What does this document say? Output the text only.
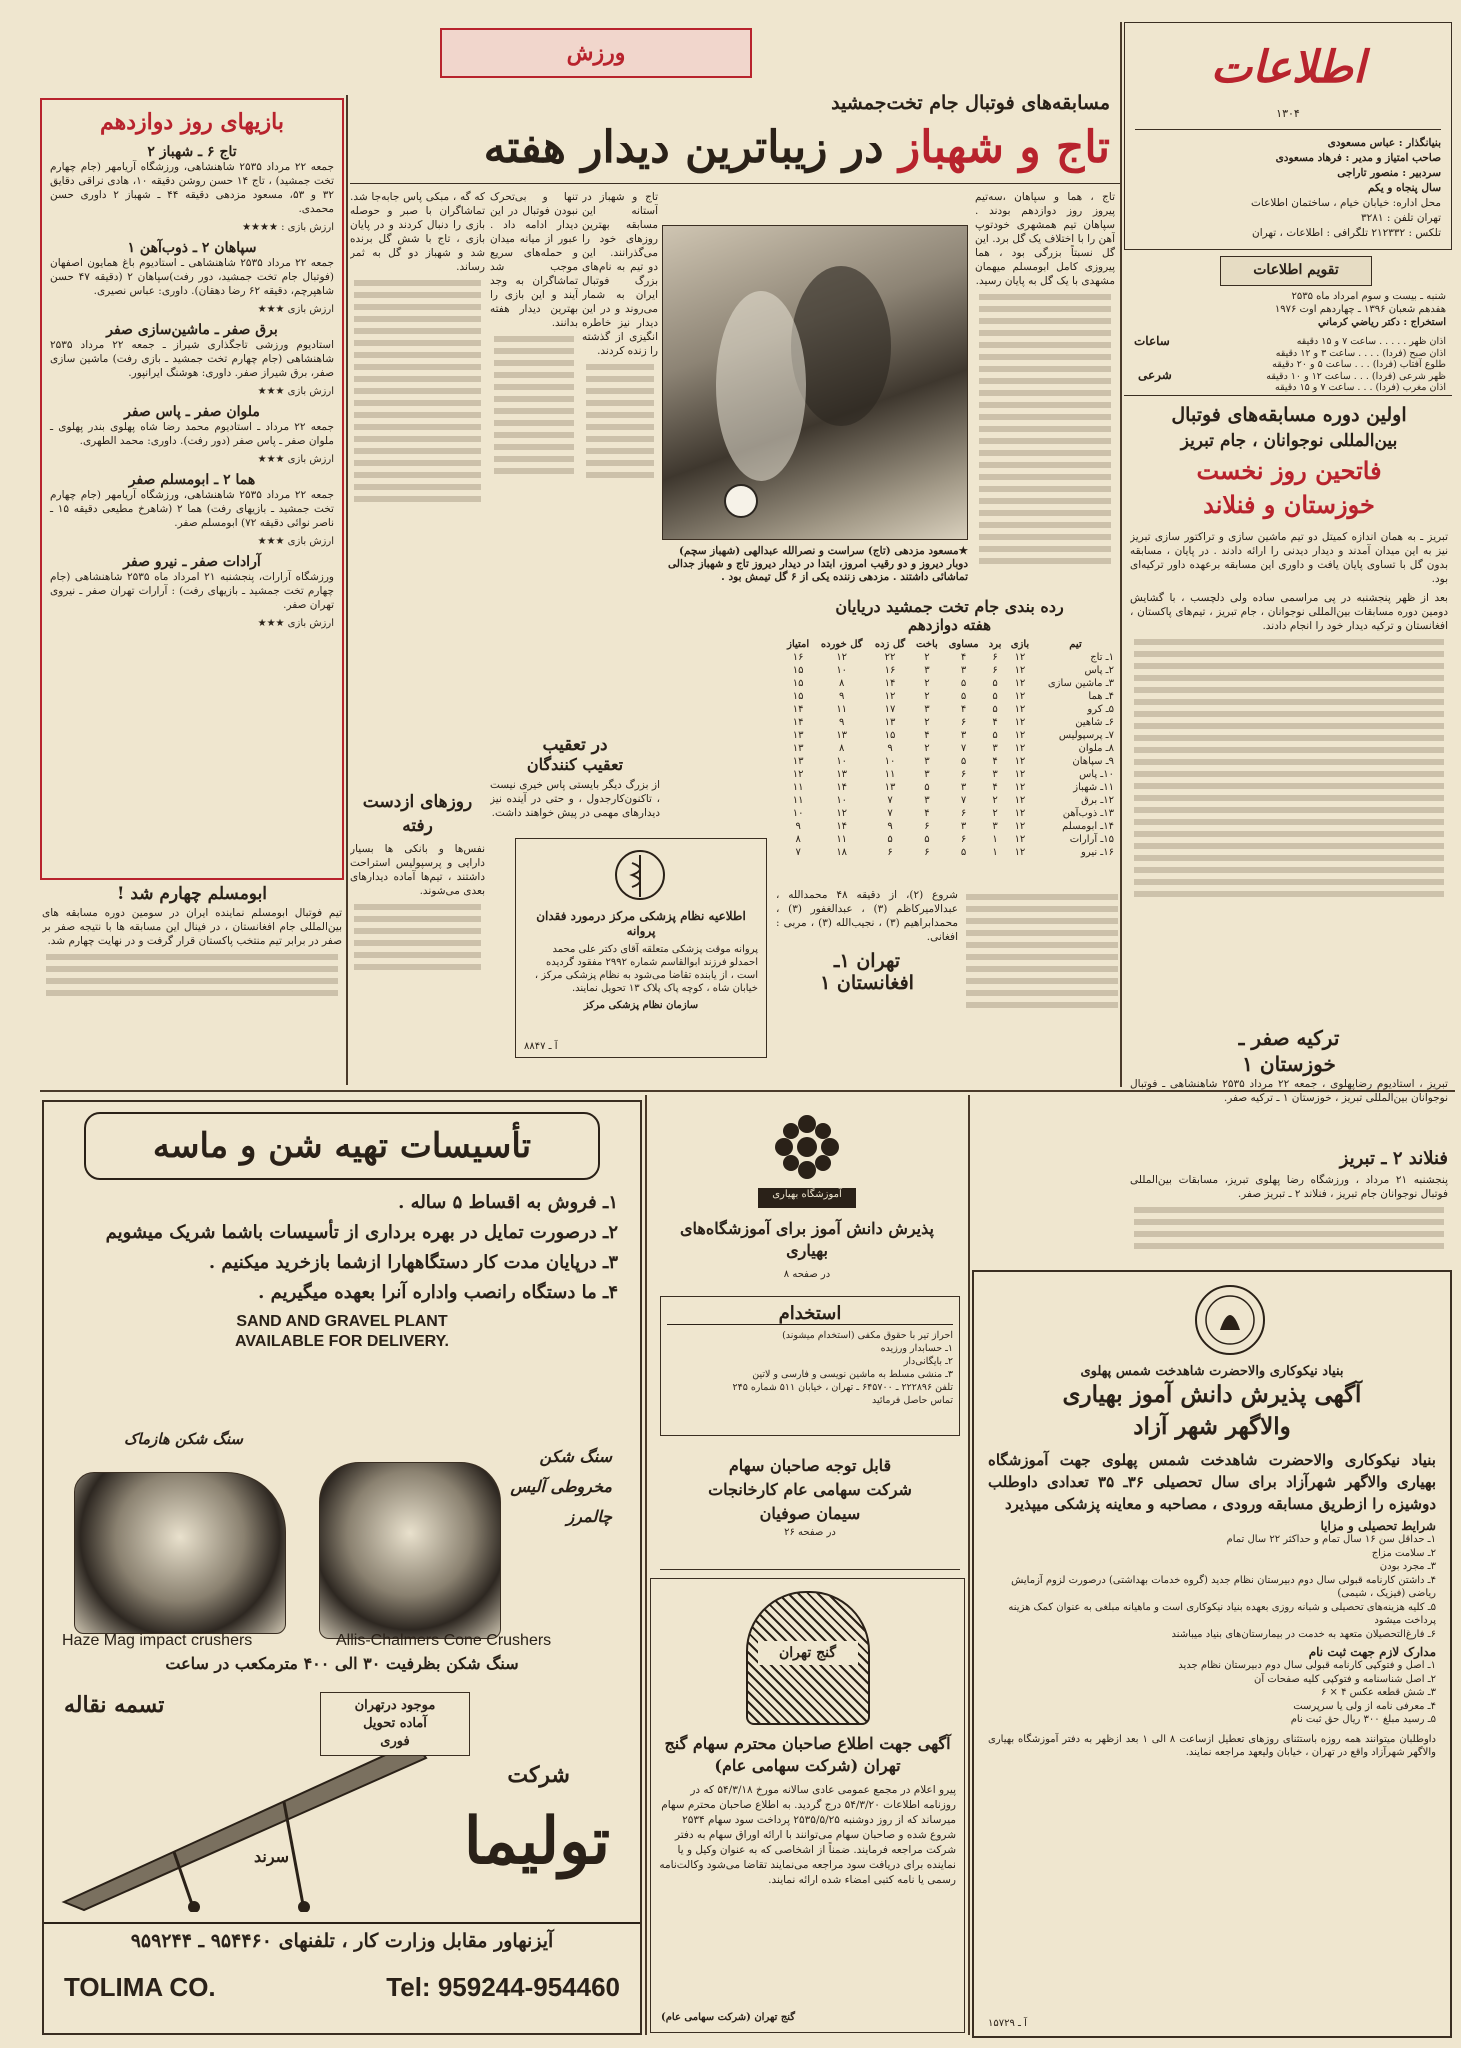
ورزش	اطلاعات
۱۳۰۴
بنیانگذار : عباس مسعودی
صاحب امتیاز و مدیر : فرهاد مسعودی
سردبیر : منصور تاراجی
سال پنجاه و یکم
محل اداره: خیابان خیام ، ساختمان اطلاعات
تهران تلفن : ۳۲۸۱
تلکس : ۲۱۲۳۳۲ تلگرافی : اطلاعات ، تهران
تقویم اطلاعات
شنبه ـ بیست و سوم امرداد ماه ۲۵۳۵
هفدهم شعبان ۱۳۹۶ ـ چهاردهم اوت ۱۹۷۶
استخراج : دکتر رياضي كرماني
ساعات
شرعی
اذان ظهر . . . . . ساعت ۷ و ۱۵ دقیقه
اذان صبح (فردا) . . . . ساعت ۳ و ۱۲ دقیقه
طلوع آفتاب (فردا) . . . ساعت ۵ و ۲۰ دقیقه
ظهر شرعی (فردا) . . . ساعت ۱۲ و ۱۰ دقیقه
اذان مغرب (فردا) . . . ساعت ۷ و ۱۵ دقیقه
اولین دوره مسابقه‌های فوتبال
بین‌المللی نوجوانان ، جام تبریز
فاتحین روز نخست
خوزستان و فنلاند

تبریز ـ به همان اندازه کمیتل دو تیم ماشین سازی و تراکتور سازی تبریز نیز به این میدان آمدند و دیدار دیدنی را ارائه دادند . در پایان ، مسابقه بدون گل با تساوی پایان یافت و داوری این مسابقه برعهده داور ترکیه‌ای بود.

بعد از ظهر پنجشنبه در پی مراسمی ساده ولی دلچسب ، با گشایش دومین دوره مسابقات بین‌المللی نوجوانان ، جام تبریز ، تیم‌های پاکستان ، افغانستان و ترکیه دیدار خود را انجام دادند.

ترکیه صفر ـ
خوزستان ۱

تبریز ، استادیوم رضاپهلوی ، جمعه ۲۲ مرداد ۲۵۳۵ شاهنشاهی ـ فوتبال نوجوانان بین‌المللی تبریز ، خوزستان ۱ ـ ترکیه صفر.

فنلاند ۲ ـ تبریز

پنجشنبه ۲۱ مرداد ، ورزشگاه رضا پهلوی تبریز، مسابقات بین‌المللی فوتبال نوجوانان جام تبریز ، فنلاند ۲ ـ تبریز صفر.

مسابقه‌های فوتبال جام تخت‌جمشید
تاج و شهباز در زیباترین دیدار هفته

تاج ، هما و سپاهان ،سه‌تیم پیروز روز دوازدهم بودند . سپاهان تیم همشهری خودتوپ آهن را با اختلاف یک گل برد. این گل نسبتاً بزرگی بود ، هما پیروزی کامل ابومسلم میهمان مشهدی با یک گل به پایان رسید.

★مسعود مزدهی (تاج) سراست و نصرالله عبدالهی (شهباز سچم) دوبار دیروز و دو رقیب امروز، ابتدا در دیدار دیروز تاج و شهباز جدالی تماشائی داشتند . مزدهی زننده یکی از ۶ گل تیمش بود .

تاج و شهباز در آستانه این مسابقه بهترین روزهای خود را می‌گذرانند. این دو تیم به نام‌های بزرگ فوتبال ایران به شمار می‌روند و در این دیدار نیز خاطره انگیزی از گذشته را زنده کردند.

تنها و بی‌تحرک نبودن فوتبال در این دیدار ادامه داد . عبور از میانه میدان و حمله‌های سریع موجب شد تماشاگران به وجد آیند و این بازی را بهترین دیدار هفته بدانند.

که گه ، مبکی پاس جابه‌جا شد. تماشاگران با صبر و حوصله بازی را دنبال کردند و در پایان بازی ، تاج با شش گل برنده شد و شهباز دو گل به ثمر رساند.

در تعقیب
تعقیب کنندگان

از بزرگ دیگر بایستی پاس خیری نیست ، تاکنون‌کارجدول ، و حتی در آینده نیز دیدارهای مهمی در پیش خواهند داشت.

روزهای ازدست رفته

نفس‌ها و بانکی ها بسیار دارایی و پرسپولیس استراحت داشتند ، تیم‌ها آماده دیدارهای بعدی می‌شوند.

رده بندی جام تخت جمشید دریایان
هفته دوازدهم
تیم	بازی	برد	مساوی	باخت	گل زده	گل خورده	امتیاز
۱ـ تاج	۱۲	۶	۴	۲	۲۲	۱۲	۱۶
۲ـ پاس	۱۲	۶	۳	۳	۱۶	۱۰	۱۵
۳ـ ماشین سازی	۱۲	۵	۵	۲	۱۴	۸	۱۵
۴ـ هما	۱۲	۵	۵	۲	۱۲	۹	۱۵
۵ـ کرو	۱۲	۵	۴	۳	۱۷	۱۱	۱۴
۶ـ شاهین	۱۲	۴	۶	۲	۱۳	۹	۱۴
۷ـ پرسپولیس	۱۲	۵	۳	۴	۱۵	۱۳	۱۳
۸ـ ملوان	۱۲	۳	۷	۲	۹	۸	۱۳
۹ـ سپاهان	۱۲	۴	۵	۳	۱۰	۱۰	۱۳
۱۰ـ پاس	۱۲	۳	۶	۳	۱۱	۱۳	۱۲
۱۱ـ شهباز	۱۲	۴	۳	۵	۱۳	۱۴	۱۱
۱۲ـ برق	۱۲	۲	۷	۳	۷	۱۰	۱۱
۱۳ـ ذوب‌آهن	۱۲	۲	۶	۴	۷	۱۲	۱۰
۱۴ـ ابومسلم	۱۲	۳	۳	۶	۹	۱۴	۹
۱۵ـ آرارات	۱۲	۱	۶	۵	۵	۱۱	۸
۱۶ـ نیرو	۱۲	۱	۵	۶	۶	۱۸	۷
اطلاعیه نظام پزشکی مرکز درمورد فقدان پروانه
پروانه موقت پزشکی متعلقه آقای دکتر علی محمد احمدلو فرزند ابوالقاسم شماره ۲۹۹۲ مفقود گردیده است ، از یابنده تقاضا می‌شود به نظام پزشکی مرکز ، خیابان شاه ، کوچه پاک پلاک ۱۳ تحویل نمایند.
سازمان نظام پزشکی مرکز
آ ـ ۸۸۴۷

شروع (۲)، از دقیقه ۴۸ محمدالله ، عبدالامیرکاظم (۳) ، عبدالغفور (۳) ، محمدابراهیم (۳) ، نجیب‌الله (۳) ، مربی : افغانی.

تهران ۱ـ
افغانستان ۱
بازیهای روز دوازدهم
تاج ۶ ـ شهباز ۲
جمعه ۲۲ مرداد ۲۵۳۵ شاهنشاهی، ورزشگاه آریامهر (جام چهارم تخت جمشید) ، تاج ۱۴ حسن روشن دقیقه ۱۰، هادی نراقی دقایق ۳۲ و ۵۳، مسعود مزدهی دقیقه ۴۴ ـ شهباز ۲ داوری حسن محمدی.
ارزش بازی : ★★★★
سپاهان ۲ ـ ذوب‌آهن ۱
جمعه ۲۲ مرداد ۲۵۳۵ شاهنشاهی ـ استادیوم باغ همایون اصفهان (فوتبال جام تخت جمشید، دور رفت)سپاهان ۲ (دقیقه ۴۷ حسن شاهپرچم، دقیقه ۶۲ رضا دهقان). داوری: عباس نصیری.
ارزش بازی ★★★
برق صفر ـ ماشین‌سازی صفر
استادیوم ورزشی تاجگذاری شیراز ـ جمعه ۲۲ مرداد ۲۵۳۵ شاهنشاهی (جام چهارم تخت جمشید ـ بازی رفت) ماشین سازی صفر، برق شیراز صفر. داوری: هوشنگ ایرانپور.
ارزش بازی ★★★
ملوان صفر ـ پاس صفر
جمعه ۲۲ مرداد ـ استادیوم محمد رضا شاه پهلوی بندر پهلوی ـ ملوان صفر ـ پاس صفر (دور رفت). داوری: محمد الطهری.
ارزش بازی ★★★
هما ۲ ـ ابومسلم صفر
جمعه ۲۲ مرداد ۲۵۳۵ شاهنشاهی، ورزشگاه آریامهر (جام چهارم تخت جمشید ـ بازیهای رفت) هما ۲ (شاهرخ مطیعی دقیقه ۱۵ ـ ناصر نوائی دقیقه ۷۲) ابومسلم صفر.
ارزش بازی ★★★
آرادات صفر ـ نیرو صفر
ورزشگاه آرارات، پنجشنبه ۲۱ امرداد ماه ۲۵۳۵ شاهنشاهی (جام چهارم تخت جمشید ـ بازیهای رفت) : آرارات تهران صفر ـ نیروی تهران صفر.
ارزش بازی ★★★
ابومسلم چهارم شد !

تیم فوتبال ابومسلم نماینده ایران در سومین دوره مسابقه های بین‌المللی جام افغانستان ، در فینال این مسابقه ها با نتیجه صفر بر صفر در برابر تیم منتخب پاکستان قرار گرفت و در نهایت چهارم شد.

تأسیسات تهیه شن و ماسه
۱ـ فروش به اقساط ۵ ساله .
۲ـ درصورت تمایل در بهره برداری از تأسیسات باشما شریک میشویم
۳ـ درپایان مدت کار دستگاههارا ازشما بازخرید میکنیم .
۴ـ ما دستگاه رانصب واداره آنرا بعهده میگیریم .
SAND AND GRAVEL PLANT
AVAILABLE FOR DELIVERY.
سنگ شکن هازماک
سنگ شکن مخروطی آلیس چالمرز
Haze Mag impact crushers	Allis-Chalmers Cone Crushers
سنگ شکن بظرفیت ۳۰ الی ۴۰۰ مترمکعب در ساعت
تسمه نقاله
سرند
موجود درتهران
آماده تحویل
فوری
شرکت
تولیما
آیزنهاور مقابل وزارت کار ، تلفنهای ۹۵۴۴۶۰ ـ ۹۵۹۲۴۴
TOLIMA CO.	Tel: 959244-954460
آموزشگاه بهیاری
پذیرش دانش آموز برای آموزشگاه‌های بهیاری
در صفحه ۸
استخدام
احراز تیر با حقوق مکفی (استخدام میشوند)
۱ـ حسابدار ورزیده
۲ـ بایگانی‌دار
۳ـ منشی مسلط به ماشین نویسی و فارسی و لاتین
تلفن ۲۲۲۸۹۶ ـ ۶۴۵۷۰۰ ـ تهران ، خیابان ۵۱۱ شماره ۲۴۵
تماس حاصل فرمائید
قابل توجه صاحبان سهام
شرکت سهامی عام کارخانجات
سیمان صوفیان
در صفحه ۲۶
گنج تهران
آگهی جهت اطلاع صاحبان محترم سهام گنج تهران (شرکت سهامی عام)
پیرو اعلام در مجمع عمومی عادی سالانه مورخ ۵۴/۳/۱۸ که در روزنامه اطلاعات ۵۴/۳/۲۰ درج گردید. به اطلاع صاحبان محترم سهام میرساند که از روز دوشنبه ۲۵۳۵/۵/۲۵ پرداخت سود سهام ۲۵۳۴ شروع شده و صاحبان سهام می‌توانند با ارائه اوراق سهام به دفتر شرکت مراجعه فرمایند. ضمناً از اشخاصی که به عنوان وکیل و یا نماینده برای دریافت سود مراجعه می‌نمایند تقاضا می‌شود وکالت‌نامه رسمی یا نامه کتبی امضاء شده ارائه نمایند.
گنج تهران (شرکت سهامی عام)
بنیاد نیکوکاری والاحضرت شاهدخت شمس پهلوی
آگهی پذیرش دانش آموز بهیاری
والاگهر شهر آزاد
بنیاد نیکوکاری والاحضرت شاهدخت شمس پهلوی جهت آموزشگاه بهیاری والاگهر شهرآزاد برای سال تحصیلی ۳۶ـ ۳۵ تعدادی داوطلب دوشیزه را ازطریق مسابقه ورودی ، مصاحبه و معاینه پزشکی میپذیرد
شرایط تحصیلی و مزایا
۱ـ حداقل سن ۱۶ سال تمام و حداکثر ۲۲ سال تمام
۲ـ سلامت مزاج
۳ـ مجرد بودن
۴ـ داشتن کارنامه قبولی سال دوم دبیرستان نظام جدید (گروه خدمات بهداشتی) درصورت لزوم آزمایش ریاضی (فیزیک ، شیمی)
۵ـ کلیه هزینه‌های تحصیلی و شبانه روزی بعهده بنیاد نیکوکاری است و ماهیانه مبلغی به عنوان کمک هزینه پرداخت میشود
۶ـ فارغ‌التحصیلان متعهد به خدمت در بیمارستان‌های بنیاد میباشند
مدارک لازم جهت ثبت نام
۱ـ اصل و فتوکپی کارنامه قبولی سال دوم دبیرستان نظام جدید
۲ـ اصل شناسنامه و فتوکپی کلیه صفحات آن
۳ـ شش قطعه عکس ۴ × ۶
۴ـ معرفی نامه از ولی یا سرپرست
۵ـ رسید مبلغ ۳۰۰ ریال حق ثبت نام
داوطلبان میتوانند همه روزه باستثنای روزهای تعطیل ازساعت ۸ الی ۱ بعد ازظهر به دفتر آموزشگاه بهیاری والاگهر شهرآزاد واقع در تهران ، خیابان ولیعهد مراجعه نمایند.
آ ـ ۱۵۷۲۹
